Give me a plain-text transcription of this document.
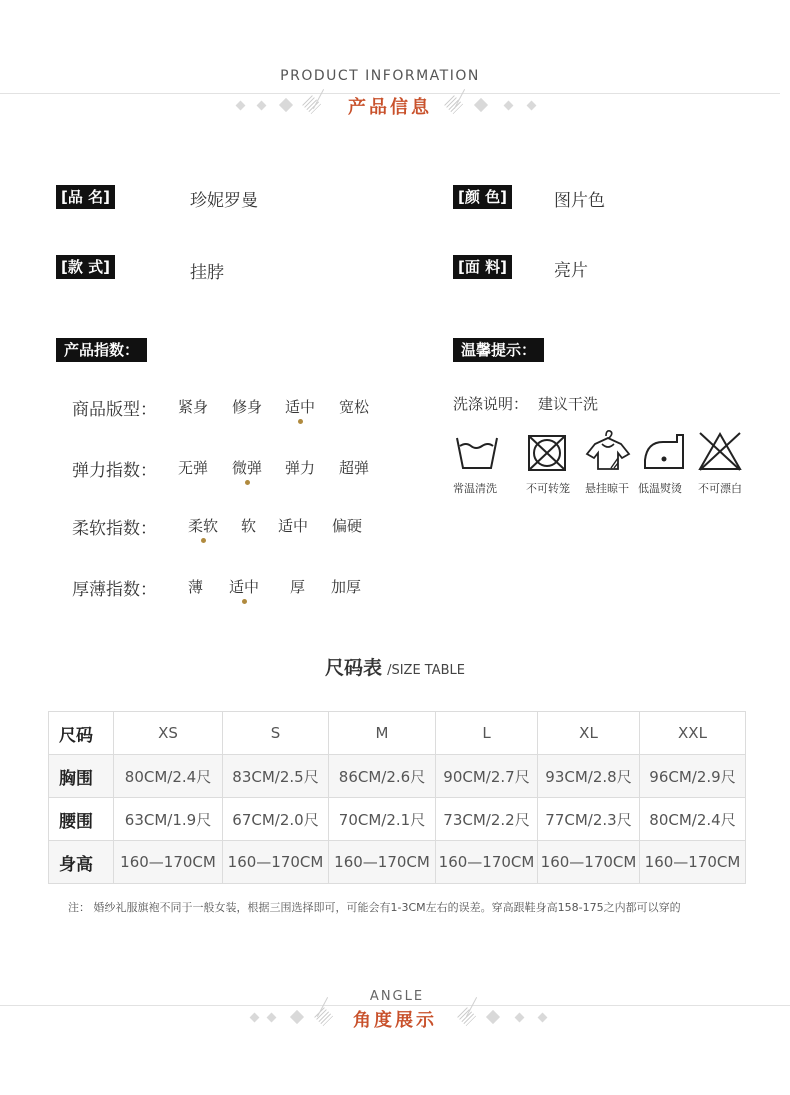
PRODUCT INFORMATION
产品信息
[品 名]	珍妮罗曼	[颜 色]	图片色
[款 式]	挂脖	[面 料]	亮片
产品指数：
商品版型： 紧身 修身 适中 宽松
弹力指数： 无弹 微弹 弹力 超弹
柔软指数： 柔软 软 适中 偏硬
厚薄指数： 薄 适中 厚 加厚
温馨提示：
洗涤说明： 建议干洗
常温清洗	不可转笼 悬挂晾干 低温熨烫 不可漂白
尺码表 /SIZE TABLE
尺码	XS	S	M	L	XL	XXL
胸围	80CM/2.4尺	83CM/2.5尺	86CM/2.6尺	90CM/2.7尺	93CM/2.8尺	96CM/2.9尺
腰围	63CM/1.9尺	67CM/2.0尺	70CM/2.1尺	73CM/2.2尺	77CM/2.3尺	80CM/2.4尺
身高	160—170CM	160—170CM	160—170CM	160—170CM	160—170CM	160—170CM
注： 婚纱礼服旗袍不同于一般女装，根据三围选择即可，可能会有1-3CM左右的误差。穿高跟鞋身高158-175之内都可以穿的
ANGLE
角度展示
